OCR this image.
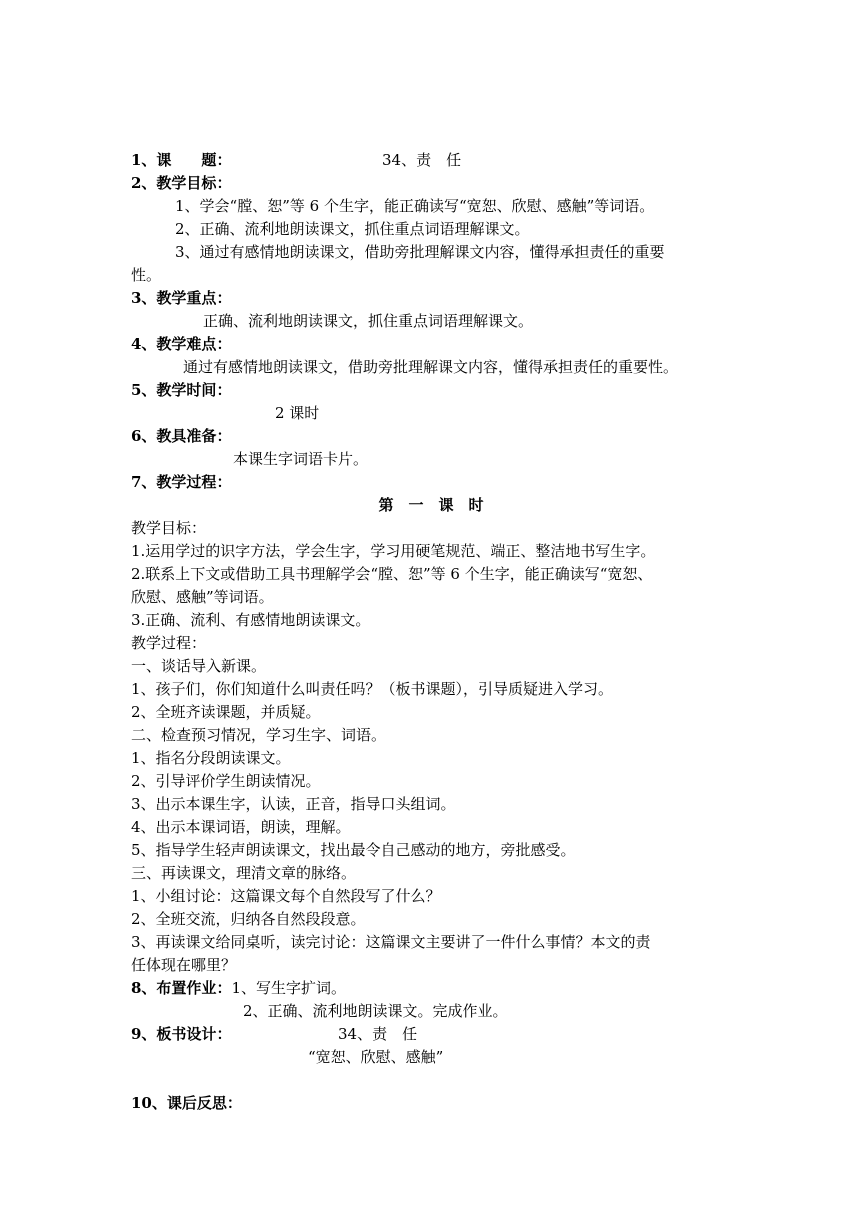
1、课　　题：	34、责　任
2、教学目标：
1、学会“膛、恕”等 6 个生字，能正确读写“宽恕、欣慰、感触”等词语。
2、正确、流利地朗读课文，抓住重点词语理解课文。
3、通过有感情地朗读课文，借助旁批理解课文内容，懂得承担责任的重要
性。
3、教学重点：
正确、流利地朗读课文，抓住重点词语理解课文。
4、教学难点：
通过有感情地朗读课文，借助旁批理解课文内容，懂得承担责任的重要性。
5、教学时间：
2 课时
6、教具准备：
本课生字词语卡片。
7、教学过程：
第　一　课　时
教学目标：
1.运用学过的识字方法，学会生字，学习用硬笔规范、端正、整洁地书写生字。
2.联系上下文或借助工具书理解学会“膛、恕”等 6 个生字，能正确读写“宽恕、
欣慰、感触”等词语。
3.正确、流利、有感情地朗读课文。
教学过程：
一、谈话导入新课。
1、孩子们，你们知道什么叫责任吗？（板书课题），引导质疑进入学习。
2、全班齐读课题，并质疑。
二、检查预习情况，学习生字、词语。
1、指名分段朗读课文。
2、引导评价学生朗读情况。
3、出示本课生字，认读，正音，指导口头组词。
4、出示本课词语，朗读，理解。
5、指导学生轻声朗读课文，找出最令自己感动的地方，旁批感受。
三、再读课文，理清文章的脉络。
1、小组讨论：这篇课文每个自然段写了什么？
2、全班交流，归纳各自然段段意。
3、再读课文给同桌听，读完讨论：这篇课文主要讲了一件什么事情？本文的责
任体现在哪里？
8、布置作业：1、写生字扩词。
2、正确、流利地朗读课文。完成作业。
9、板书设计：	34、责　任
“宽恕、欣慰、感触”
10、课后反思：
